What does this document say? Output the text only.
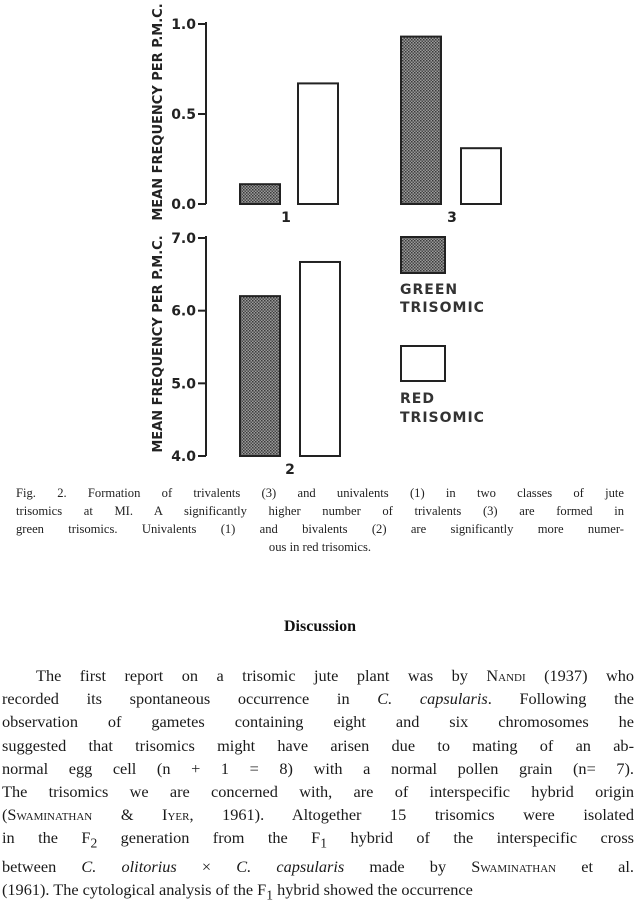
MEAN FREQUENCY PER P.M.C.
MEAN FREQUENCY PER P.M.C.
0.0
0.5
1.0
1	3
4.0
5.0
6.0
7.0
2
GREEN
TRISOMIC
RED
TRISOMIC
Fig. 2. Formation of trivalents (3) and univalents (1) in two classes of jute
trisomics at MI. A significantly higher number of trivalents (3) are formed in
green trisomics. Univalents (1) and bivalents (2) are significantly more numer-
ous in red trisomics.
Discussion
The first report on a trisomic jute plant was by Nandi (1937) who
recorded its spontaneous occurrence in C. capsularis. Following the
observation of gametes containing eight and six chromosomes he
suggested that trisomics might have arisen due to mating of an ab-
normal egg cell (n + 1 = 8) with a normal pollen grain (n= 7).
The trisomics we are concerned with, are of interspecific hybrid origin
(Swaminathan & Iyer, 1961). Altogether 15 trisomics were isolated
in the $F_2$ generation from the $F_1$ hybrid of the interspecific cross
between C. olitorius × C. capsularis made by Swaminathan et al.
(1961). The cytological analysis of the $F_1$ hybrid showed the occurrence
